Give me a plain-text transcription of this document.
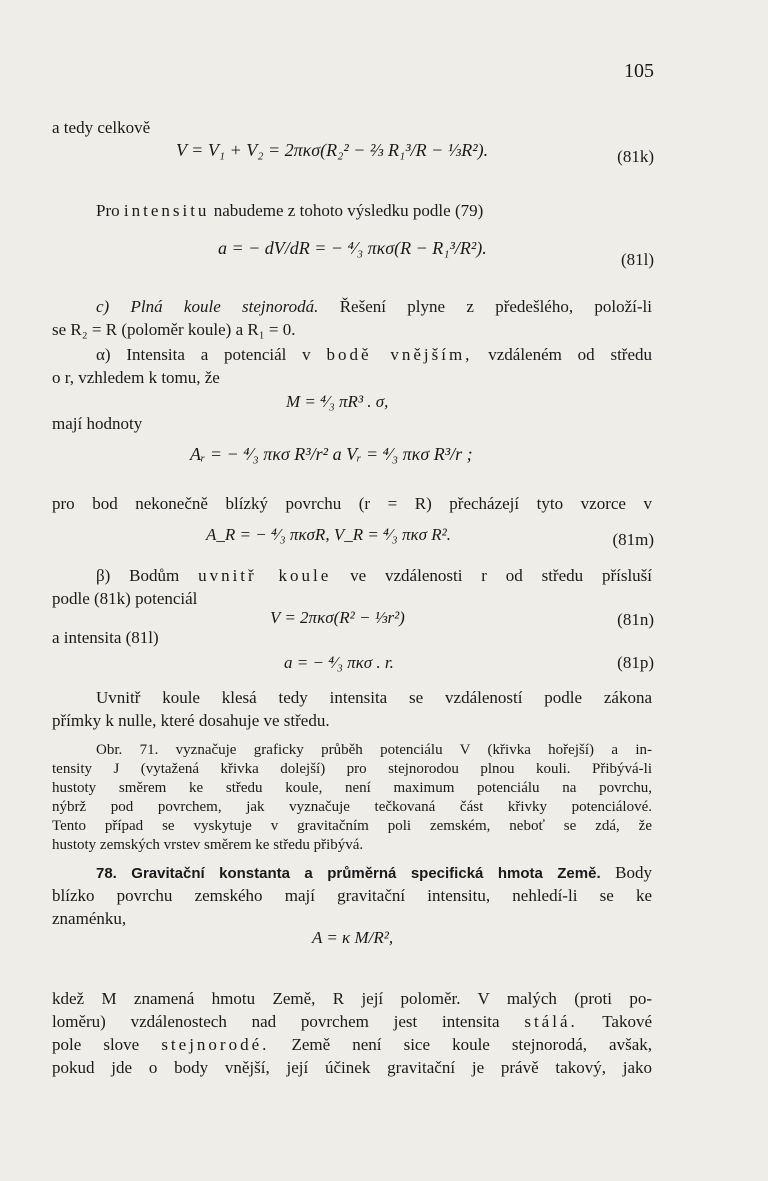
105
a tedy celkově
V = V₁ + V₂ = 2πκσ(R₂² − ⅔ R₁³/R − ⅓R²).	(81k)
Pro intensitu nabudeme z tohoto výsledku podle (79)
a = − dV/dR = − ⁴⁄₃ πκσ(R − R₁³/R²).
(81l)
c) Plná koule stejnorodá. Řešení plyne z předešlého, položí-li
se R₂ = R (poloměr koule) a R₁ = 0.
α) Intensita a potenciál v bodě vnějším, vzdáleném od středu
o r, vzhledem k tomu, že
M = ⁴⁄₃ πR³ . σ,
mají hodnoty
Aᵣ = − ⁴⁄₃ πκσ R³/r² a Vᵣ = ⁴⁄₃ πκσ R³/r ;
pro bod nekonečně blízký povrchu (r = R) přecházejí tyto vzorce v
A_R = − ⁴⁄₃ πκσR, V_R = ⁴⁄₃ πκσ R².	(81m)
β) Bodům uvnitř koule ve vzdálenosti r od středu přísluší
podle (81k) potenciál
V = 2πκσ(R² − ⅓r²)	(81n)
a intensita (81l)
a = − ⁴⁄₃ πκσ . r.	(81p)
Uvnitř koule klesá tedy intensita se vzdáleností podle zákona
přímky k nulle, které dosahuje ve středu.
Obr. 71. vyznačuje graficky průběh potenciálu V (křivka hořejší) a in-
tensity J (vytažená křivka dolejší) pro stejnorodou plnou kouli. Přibývá-li
hustoty směrem ke středu koule, není maximum potenciálu na povrchu,
nýbrž pod povrchem, jak vyznačuje tečkovaná část křivky potenciálové.
Tento případ se vyskytuje v gravitačním poli zemském, neboť se zdá, že
hustoty zemských vrstev směrem ke středu přibývá.
78. Gravitační konstanta a průměrná specifická hmota Země. Body
blízko povrchu zemského mají gravitační intensitu, nehledí-li se ke
znaménku,
A = κ M/R²,
kdež M znamená hmotu Země, R její poloměr. V malých (proti po-
loměru) vzdálenostech nad povrchem jest intensita stálá. Takové
pole slove stejnorodé. Země není sice koule stejnorodá, avšak,
pokud jde o body vnější, její účinek gravitační je právě takový, jako
